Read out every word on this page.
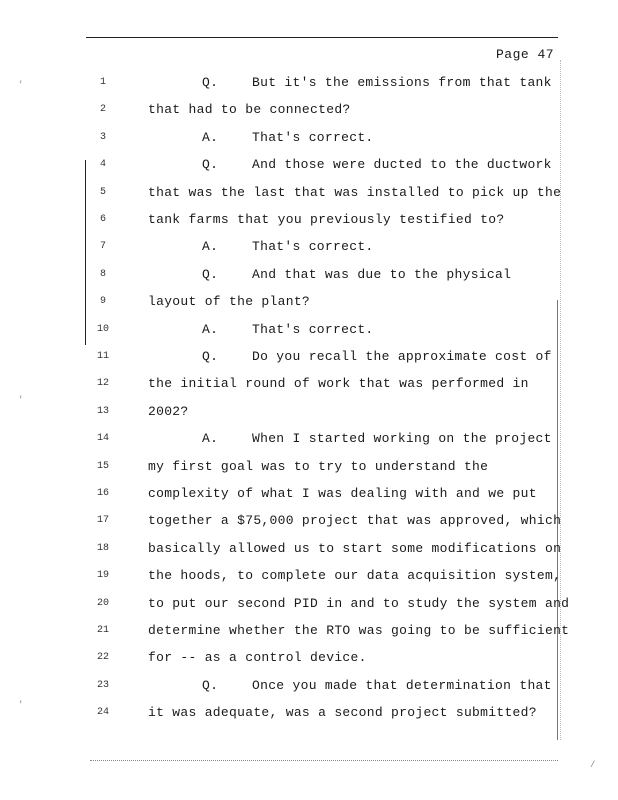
Page 47
'
'
'
/
1	Q.	But it's the emissions from that tank
2	that had to be connected?
3	A.	That's correct.
4	Q.	And those were ducted to the ductwork
5	that was the last that was installed to pick up the
6	tank farms that you previously testified to?
7	A.	That's correct.
8	Q.	And that was due to the physical
9	layout of the plant?
10	A.	That's correct.
11	Q.	Do you recall the approximate cost of
12	the initial round of work that was performed in
13	2002?
14	A.	When I started working on the project
15	my first goal was to try to understand the
16	complexity of what I was dealing with and we put
17	together a $75,000 project that was approved, which
18	basically allowed us to start some modifications on
19	the hoods, to complete our data acquisition system,
20	to put our second PID in and to study the system and
21	determine whether the RTO was going to be sufficient
22	for -- as a control device.
23	Q.	Once you made that determination that
24	it was adequate, was a second project submitted?
